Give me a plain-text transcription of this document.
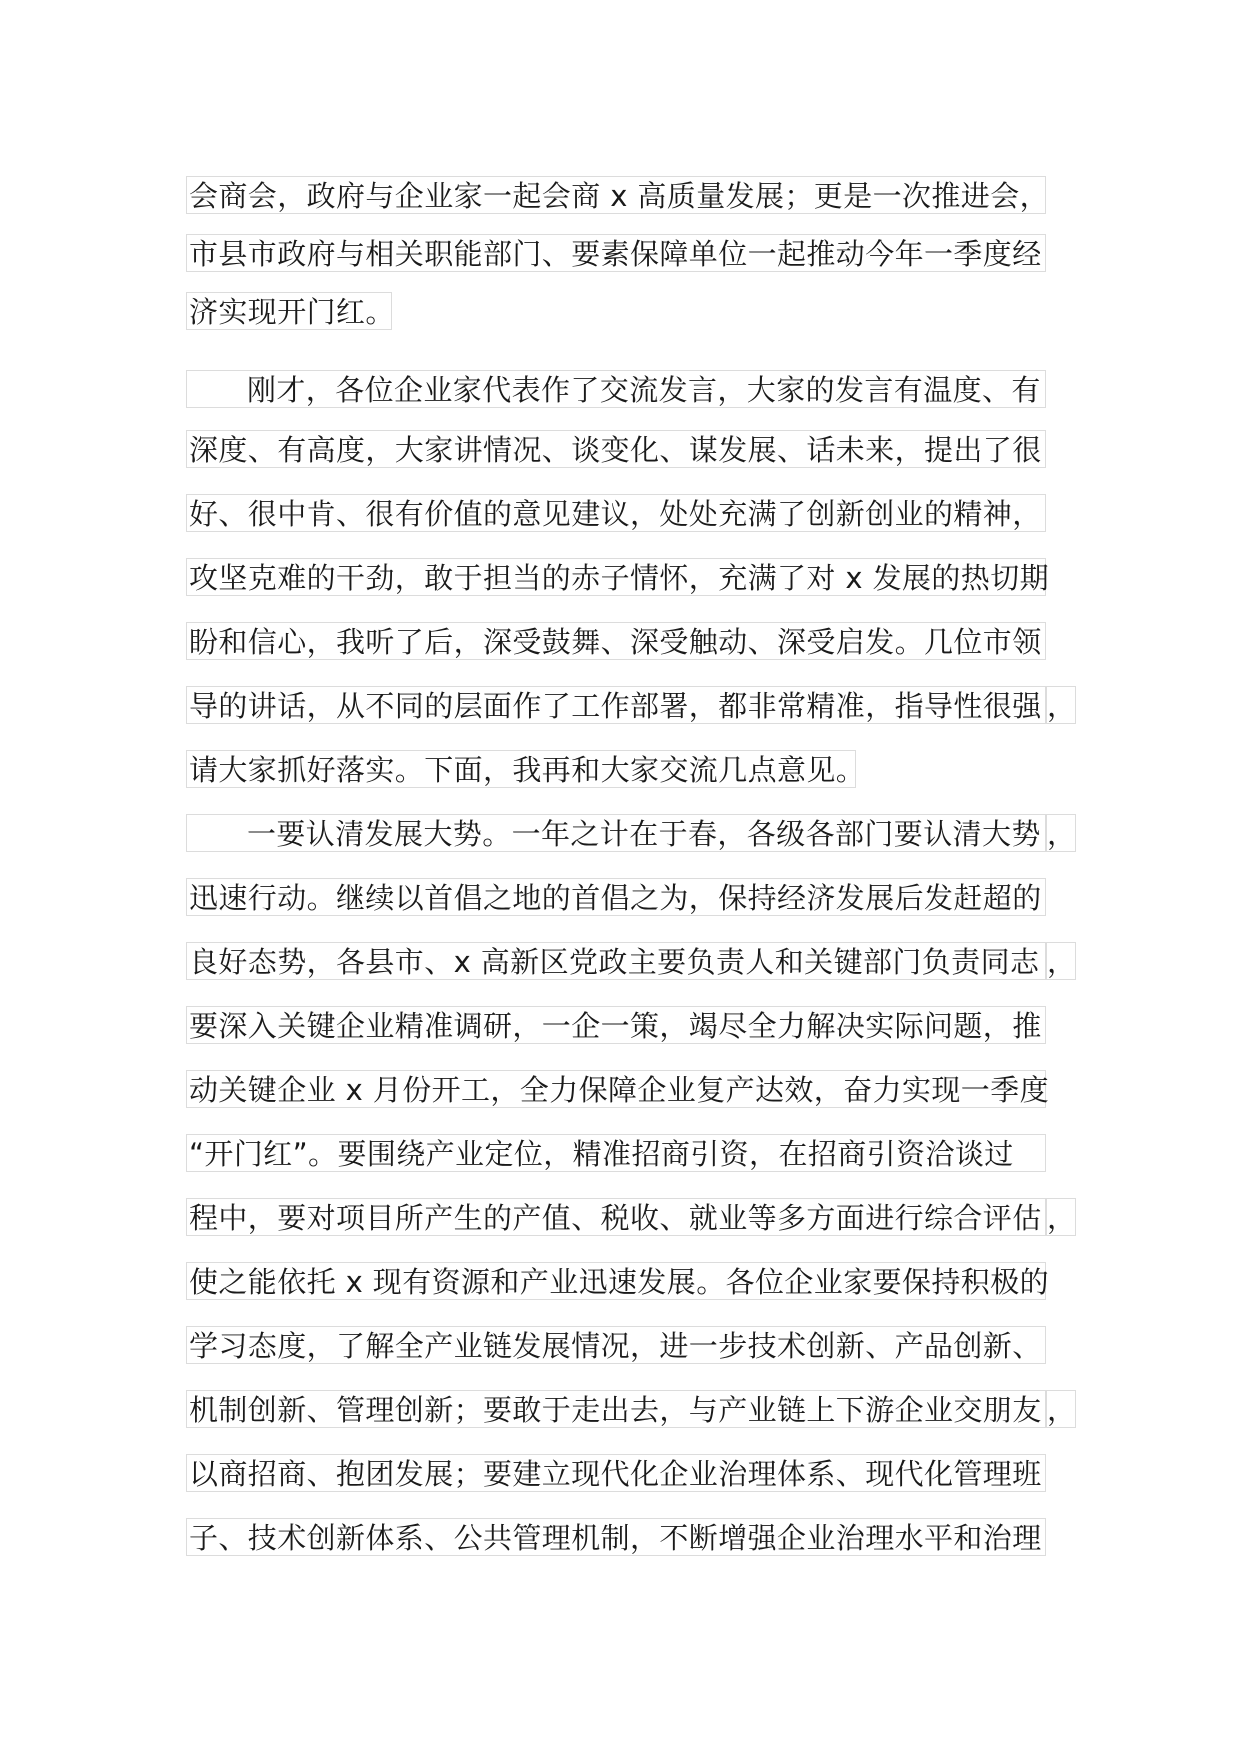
会商会，政府与企业家一起会商 x 高质量发展；更是一次推进会，
市县市政府与相关职能部门、要素保障单位一起推动今年一季度经
济实现开门红。
刚才，各位企业家代表作了交流发言，大家的发言有温度、有
深度、有高度，大家讲情况、谈变化、谋发展、话未来，提出了很
好、很中肯、很有价值的意见建议，处处充满了创新创业的精神，
攻坚克难的干劲，敢于担当的赤子情怀，充满了对 x 发展的热切期
盼和信心，我听了后，深受鼓舞、深受触动、深受启发。几位市领
导的讲话，从不同的层面作了工作部署，都非常精准，指导性很强 ，
请大家抓好落实。下面，我再和大家交流几点意见。
一要认清发展大势。一年之计在于春，各级各部门要认清大势 ，
迅速行动。继续以首倡之地的首倡之为，保持经济发展后发赶超的
良好态势，各县市、x 高新区党政主要负责人和关键部门负责同志 ，
要深入关键企业精准调研，一企一策，竭尽全力解决实际问题，推
动关键企业 x 月份开工，全力保障企业复产达效，奋力实现一季度
“开门红”。要围绕产业定位，精准招商引资，在招商引资洽谈过
程中，要对项目所产生的产值、税收、就业等多方面进行综合评估 ，
使之能依托 x 现有资源和产业迅速发展。各位企业家要保持积极的
学习态度，了解全产业链发展情况，进一步技术创新、产品创新、
机制创新、管理创新；要敢于走出去，与产业链上下游企业交朋友 ，
以商招商、抱团发展；要建立现代化企业治理体系、现代化管理班
子、技术创新体系、公共管理机制，不断增强企业治理水平和治理
